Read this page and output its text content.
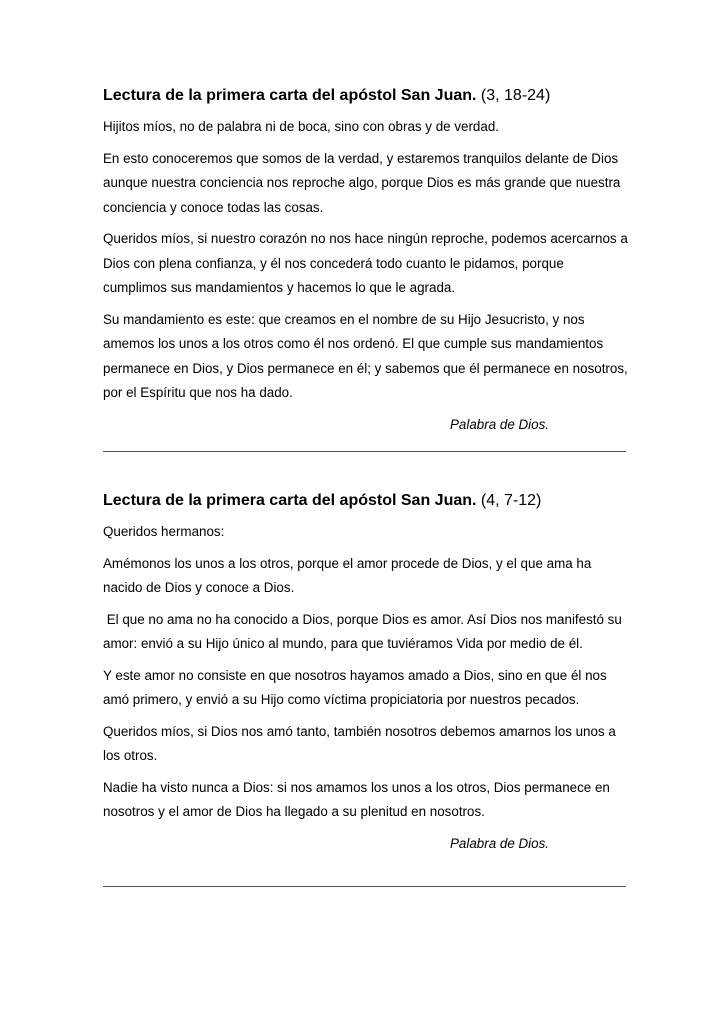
Lectura de la primera carta del apóstol San Juan. (3, 18-24)

Hijitos míos, no de palabra ni de boca, sino con obras y de verdad.

En esto conoceremos que somos de la verdad, y estaremos tranquilos delante de Dios aunque nuestra conciencia nos reproche algo, porque Dios es más grande que nuestra conciencia y conoce todas las cosas.

Queridos míos, si nuestro corazón no nos hace ningún reproche, podemos acercarnos a Dios con plena confianza, y él nos concederá todo cuanto le pidamos, porque cumplimos sus mandamientos y hacemos lo que le agrada.

Su mandamiento es este: que creamos en el nombre de su Hijo Jesucristo, y nos amemos los unos a los otros como él nos ordenó. El que cumple sus mandamientos permanece en Dios, y Dios permanece en él; y sabemos que él permanece en nosotros, por el Espíritu que nos ha dado.

Palabra de Dios.

Lectura de la primera carta del apóstol San Juan. (4, 7-12)

Queridos hermanos:

Amémonos los unos a los otros, porque el amor procede de Dios, y el que ama ha nacido de Dios y conoce a Dios.

El que no ama no ha conocido a Dios, porque Dios es amor. Así Dios nos manifestó su amor: envió a su Hijo único al mundo, para que tuviéramos Vida por medio de él.

Y este amor no consiste en que nosotros hayamos amado a Dios, sino en que él nos amó primero, y envió a su Hijo como víctima propiciatoria por nuestros pecados.

Queridos míos, si Dios nos amó tanto, también nosotros debemos amarnos los unos a los otros.

Nadie ha visto nunca a Dios: si nos amamos los unos a los otros, Dios permanece en nosotros y el amor de Dios ha llegado a su plenitud en nosotros.

Palabra de Dios.
